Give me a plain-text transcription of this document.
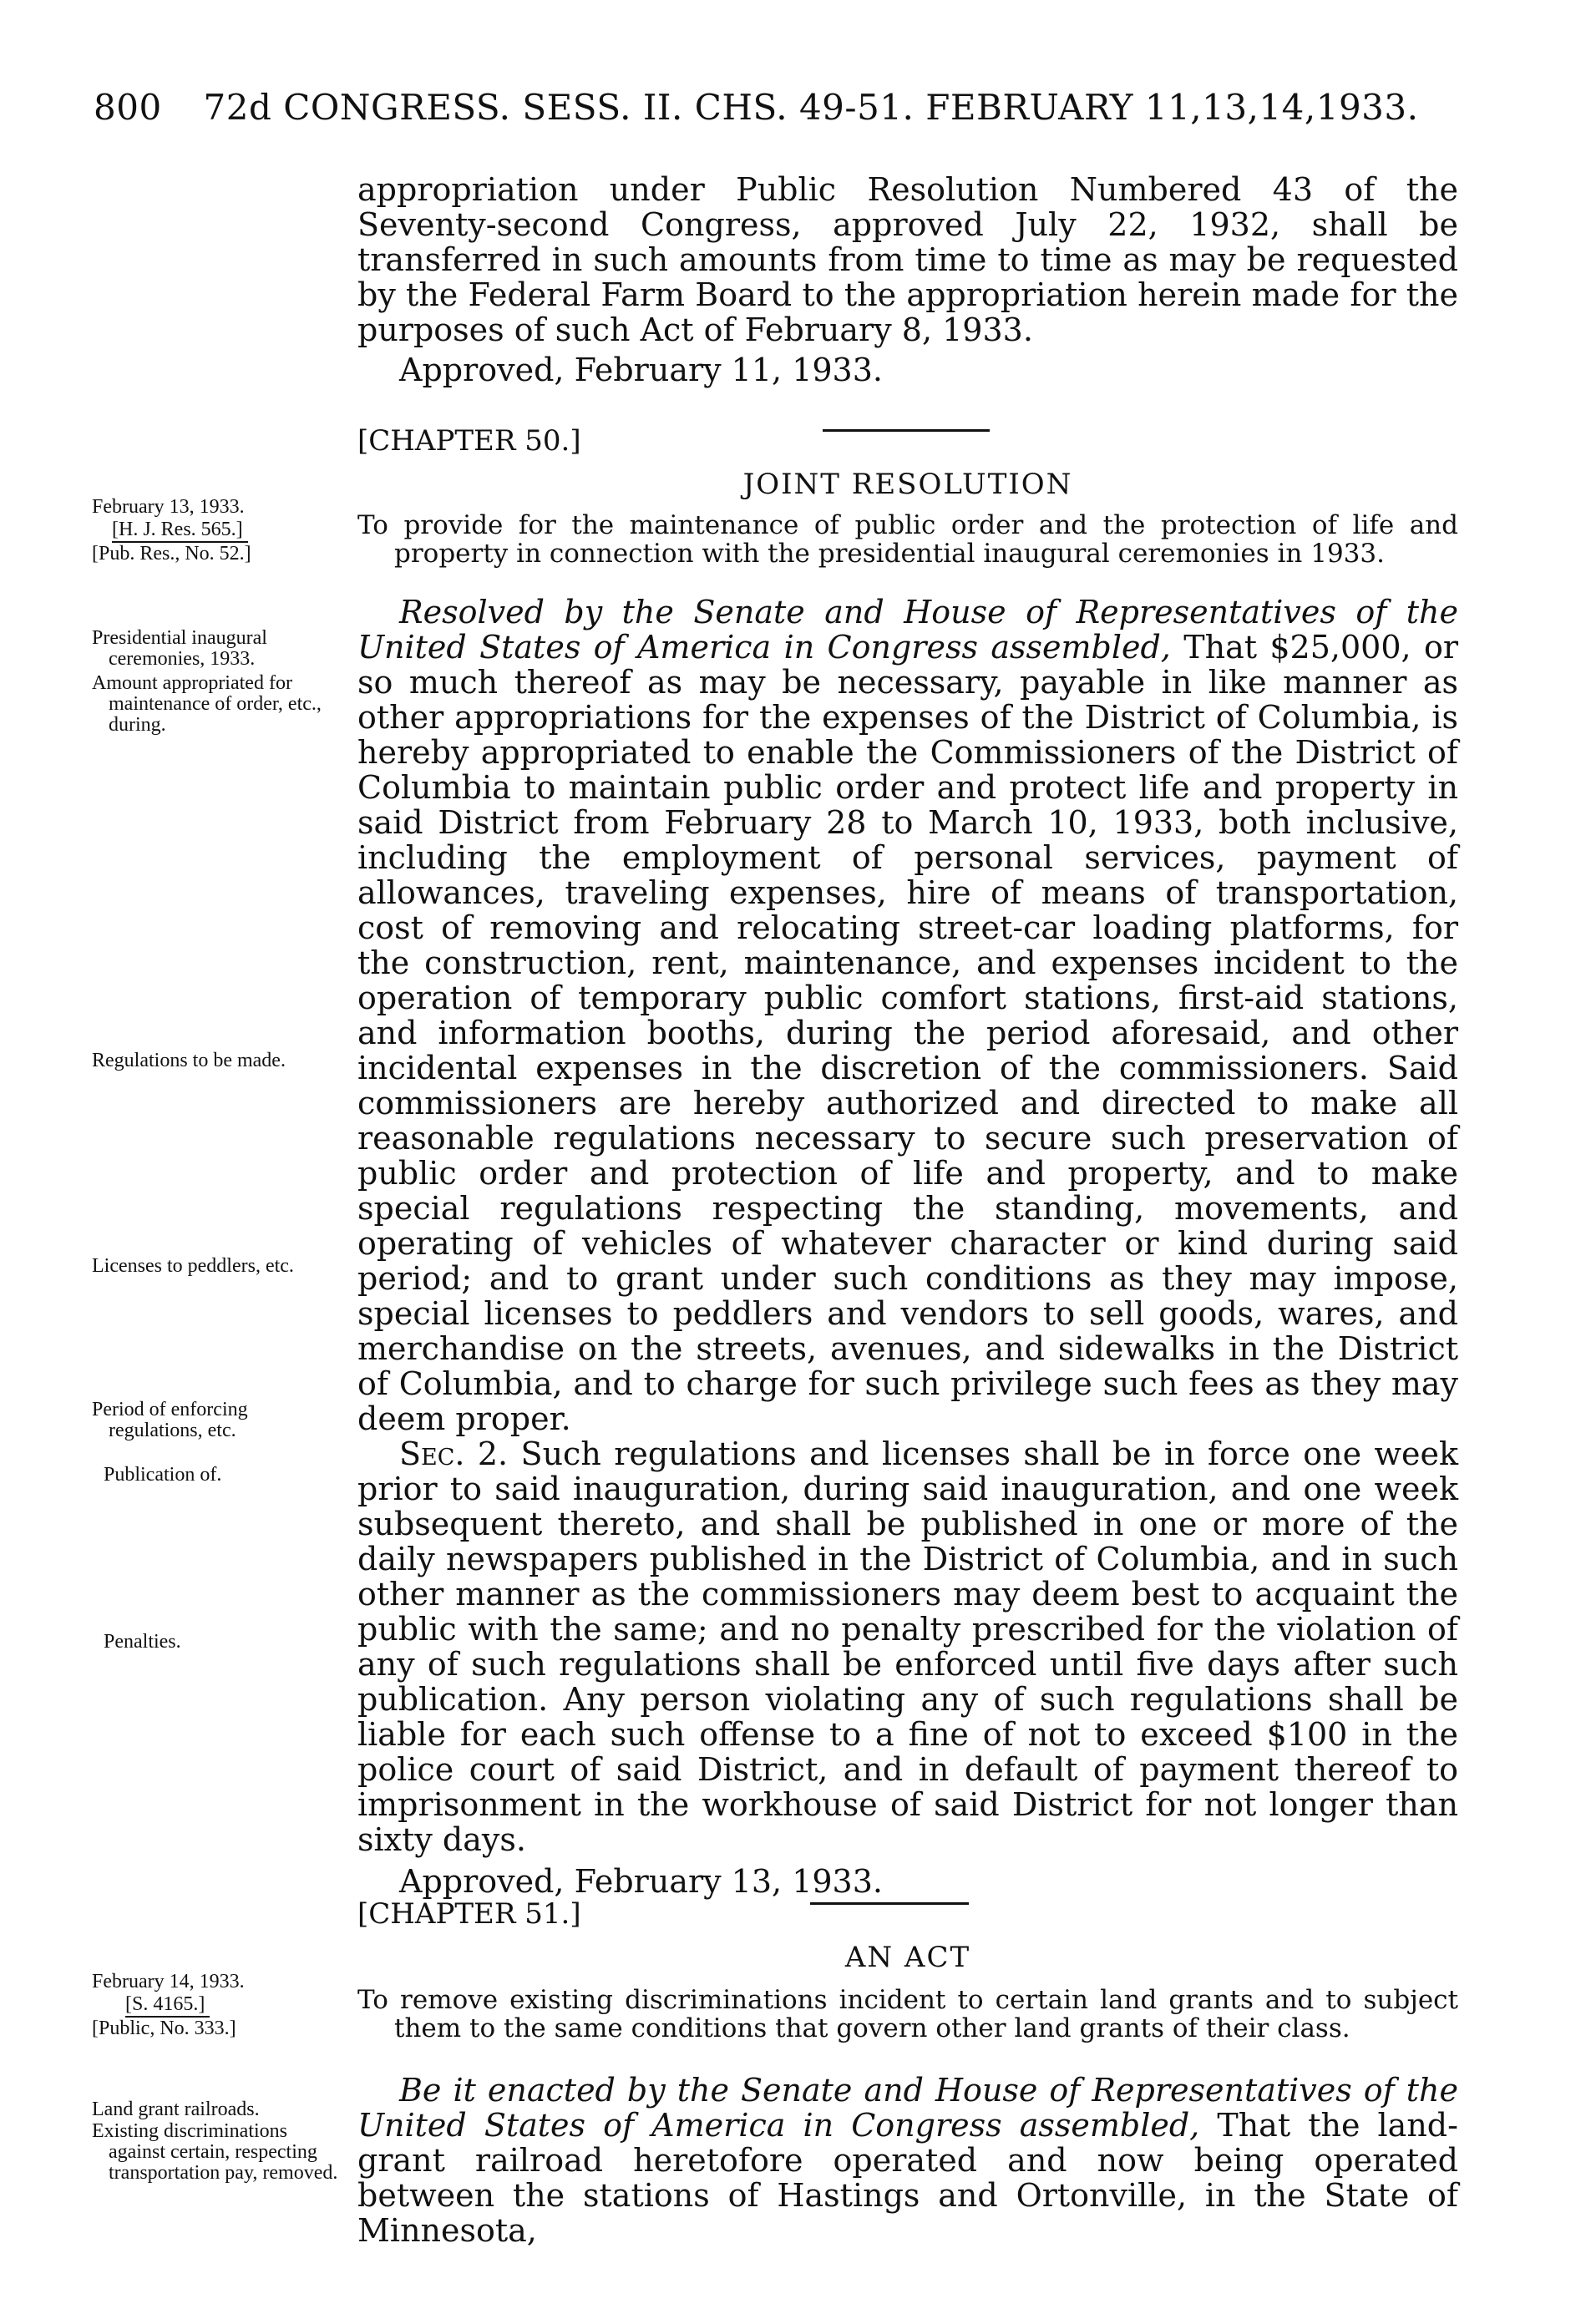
800 72d CONGRESS. SESS. II. CHS. 49-51. FEBRUARY 11,13,14,1933.

appropriation under Public Resolution Numbered 43 of the Seventy-second Congress, approved July 22, 1932, shall be transferred in such amounts from time to time as may be requested by the Federal Farm Board to the appropriation herein made for the purposes of such Act of February 8, 1933.

Approved, February 11, 1933.

[CHAPTER 50.]
JOINT RESOLUTION

To provide for the maintenance of public order and the protection of life and property in connection with the presidential inaugural ceremonies in 1933.

February 13, 1933.
[H. J. Res. 565.]
[Pub. Res., No. 52.]

Resolved by the Senate and House of Representatives of the United States of America in Congress assembled, That $25,000, or so much thereof as may be necessary, payable in like manner as other appropriations for the expenses of the District of Columbia, is hereby appropriated to enable the Commissioners of the District of Columbia to maintain public order and protect life and property in said District from February 28 to March 10, 1933, both inclusive, including the employment of personal services, payment of allowances, traveling expenses, hire of means of transportation, cost of removing and relocating street-car loading platforms, for the construction, rent, maintenance, and expenses incident to the operation of temporary public comfort stations, first-aid stations, and information booths, during the period aforesaid, and other incidental expenses in the discretion of the commissioners. Said commissioners are hereby authorized and directed to make all reasonable regulations necessary to secure such preservation of public order and protection of life and property, and to make special regulations respecting the standing, movements, and operating of vehicles of whatever character or kind during said period; and to grant under such conditions as they may impose, special licenses to peddlers and vendors to sell goods, wares, and merchandise on the streets, avenues, and sidewalks in the District of Columbia, and to charge for such privilege such fees as they may deem proper.

Sec. 2. Such regulations and licenses shall be in force one week prior to said inauguration, during said inauguration, and one week subsequent thereto, and shall be published in one or more of the daily newspapers published in the District of Columbia, and in such other manner as the commissioners may deem best to acquaint the public with the same; and no penalty prescribed for the violation of any of such regulations shall be enforced until five days after such publication. Any person violating any of such regulations shall be liable for each such offense to a fine of not to exceed $100 in the police court of said District, and in default of payment thereof to imprisonment in the workhouse of said District for not longer than sixty days.

Approved, February 13, 1933.

Presidential inaugural ceremonies, 1933.

Amount appropriated for maintenance of order, etc., during.

Regulations to be made.

Licenses to peddlers, etc.

Period of enforcing regulations, etc.

Publication of.

Penalties.

[CHAPTER 51.]
AN ACT

To remove existing discriminations incident to certain land grants and to subject them to the same conditions that govern other land grants of their class.

February 14, 1933.
[S. 4165.]
[Public, No. 333.]

Be it enacted by the Senate and House of Representatives of the United States of America in Congress assembled, That the land-grant railroad heretofore operated and now being operated between the stations of Hastings and Ortonville, in the State of Minnesota,

Land grant railroads.

Existing discriminations against certain, respecting transportation pay, removed.
